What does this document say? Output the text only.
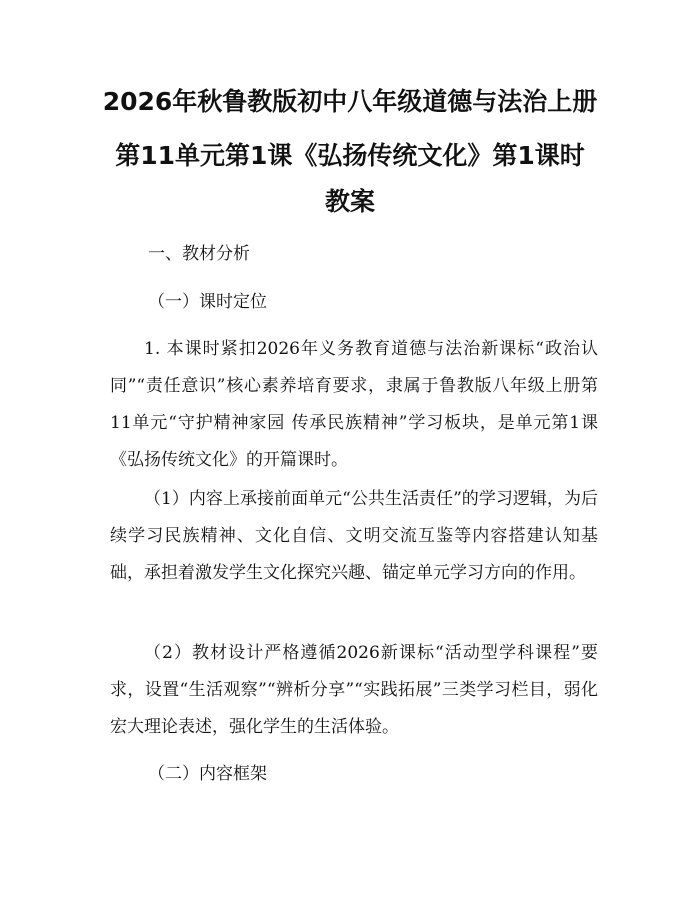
2026年秋鲁教版初中八年级道德与法治上册
第11单元第1课《弘扬传统文化》第1课时
教案
一、教材分析
（一）课时定位

1. 本课时紧扣2026年义务教育道德与法治新课标“政治认同”“责任意识”核心素养培育要求，隶属于鲁教版八年级上册第11单元“守护精神家园 传承民族精神”学习板块，是单元第1课《弘扬传统文化》的开篇课时。

（1）内容上承接前面单元“公共生活责任”的学习逻辑，为后续学习民族精神、文化自信、文明交流互鉴等内容搭建认知基础，承担着激发学生文化探究兴趣、锚定单元学习方向的作用。

（2）教材设计严格遵循2026新课标“活动型学科课程”要求，设置“生活观察”“辨析分享”“实践拓展”三类学习栏目，弱化宏大理论表述，强化学生的生活体验。

（二）内容框架
